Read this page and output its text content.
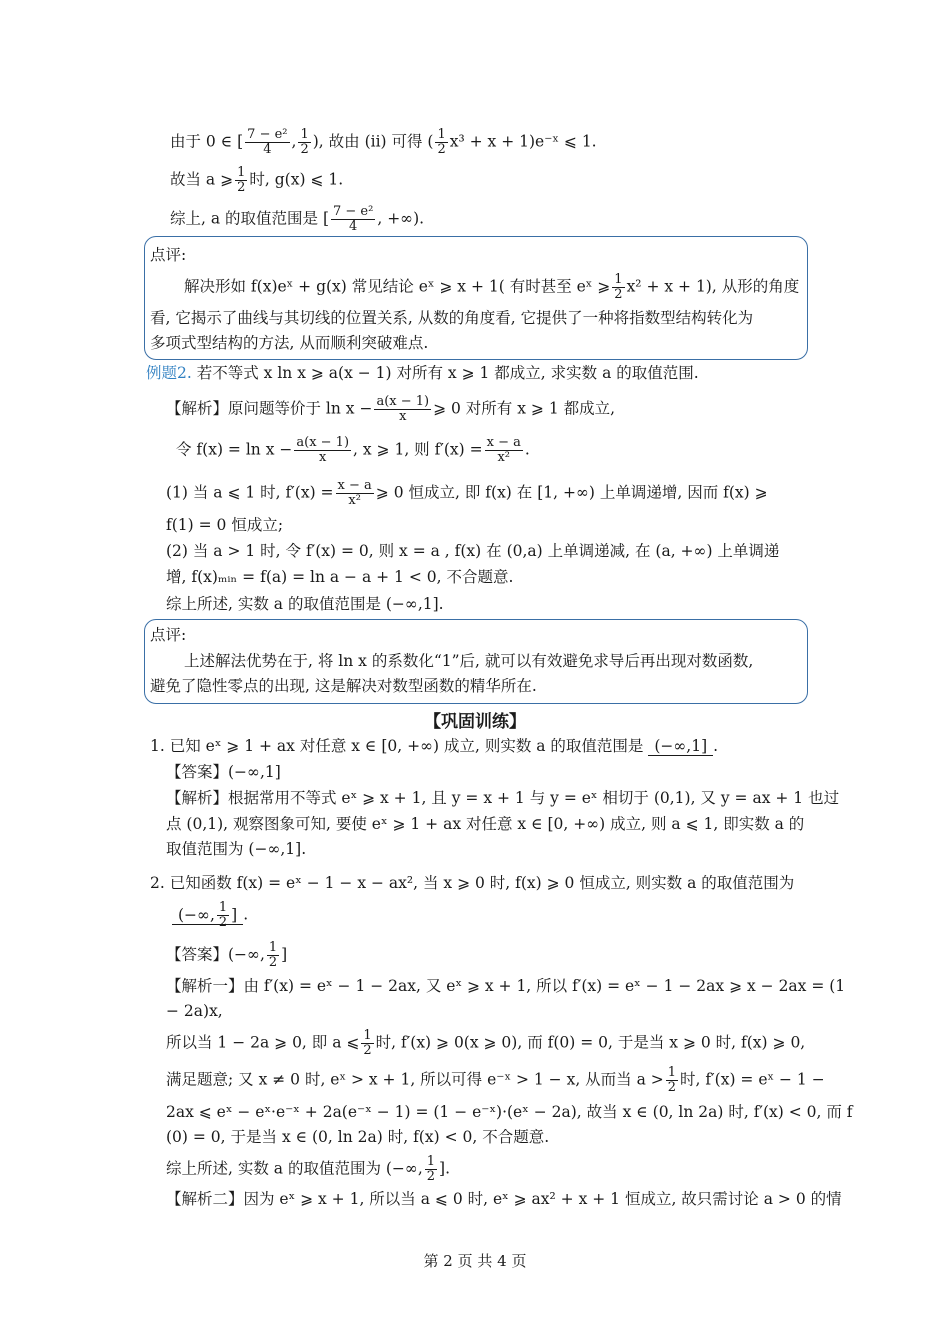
由于 0 ∈ [ $\frac{\text{7 − e²}}{4}$ , $\frac{1}{2}$ ), 故由 (ii) 可得 ( $\frac{1}{2} x^3 + x$ + 1)e⁻ˣ ⩽ 1.
故当 a ⩾ $\frac{1}{2}$ 时, g(x) ⩽ 1.
综上, a 的取值范围是 [ $\frac{\text{7 − e²}}{4}$ , +∞).
点评:
解决形如 f(x)eˣ + g(x) 常见结论 eˣ ⩾ x + 1( 有时甚至 eˣ ⩾ $\frac{1}{2} x^2 + x + 1$), 从形的角度
看, 它揭示了曲线与其切线的位置关系, 从数的角度看, 它提供了一种将指数型结构转化为
多项式型结构的方法, 从而顺利突破难点.
例题2. 若不等式 x ln x ⩾ a(x − 1) 对所有 x ⩾ 1 都成立, 求实数 a 的取值范围.
【解析】原问题等价于 $\ln x - \frac{a(x - 1)}{x}$ ⩾ 0 对所有 x ⩾ 1 都成立,
令 $f(x) = \ln x - \frac{a(x - 1)}{x}$ , x ⩾ 1, 则 $f'(x) = \frac{x - a}{\text{x²}}$ .
(1) 当 a ⩽ 1 时, $f'(x) = \frac{x - a}{\text{x²}}$ ⩾ 0 恒成立, 即 f(x) 在 [1, +∞) 上单调递增, 因而 f(x) ⩾
f(1) = 0 恒成立;
(2) 当 a > 1 时, 令 f′(x) = 0, 则 x = a , f(x) 在 (0,a) 上单调递减, 在 (a, +∞) 上单调递
增, f(x)ₘᵢₙ = f(a) = ln a − a + 1 < 0, 不合题意.
综上所述, 实数 a 的取值范围是 (−∞,1].
点评:
上述解法优势在于, 将 ln x 的系数化“1”后, 就可以有效避免求导后再出现对数函数,
避免了隐性零点的出现, 这是解决对数型函数的精华所在.
【巩固训练】
1. 已知 eˣ ⩾ 1 + ax 对任意 x ∈ [0, +∞) 成立, 则实数 a 的取值范围是 (−∞,1] .
【答案】(−∞,1]
【解析】根据常用不等式 eˣ ⩾ x + 1, 且 y = x + 1 与 y = eˣ 相切于 (0,1), 又 y = ax + 1 也过
点 (0,1), 观察图象可知, 要使 eˣ ⩾ 1 + ax 对任意 x ∈ [0, +∞) 成立, 则 a ⩽ 1, 即实数 a 的
取值范围为 (−∞,1].
2. 已知函数 f(x) = eˣ − 1 − x − ax², 当 x ⩾ 0 时, f(x) ⩾ 0 恒成立, 则实数 a 的取值范围为
(−∞, $\frac{1}{2}$ ] .
【答案】(−∞, $\frac{1}{2}$ ]
【解析一】由 f′(x) = eˣ − 1 − 2ax, 又 eˣ ⩾ x + 1, 所以 f′(x) = eˣ − 1 − 2ax ⩾ x − 2ax = (1
− 2a)x,
所以当 1 − 2a ⩾ 0, 即 a ⩽ $\frac{1}{2}$ 时, f′(x) ⩾ 0(x ⩾ 0), 而 f(0) = 0, 于是当 x ⩾ 0 时, f(x) ⩾ 0,
满足题意; 又 x ≠ 0 时, eˣ > x + 1, 所以可得 e⁻ˣ > 1 − x, 从而当 $a > \frac{1}{2}$ 时, f′(x) = eˣ − 1 −
2ax ⩽ eˣ − eˣ·e⁻ˣ + 2a(e⁻ˣ − 1) = (1 − e⁻ˣ)·(eˣ − 2a), 故当 x ∈ (0, ln 2a) 时, f′(x) < 0, 而 f
(0) = 0, 于是当 x ∈ (0, ln 2a) 时, f(x) < 0, 不合题意.
综上所述, 实数 a 的取值范围为 (−∞, $\frac{1}{2}$ ].
【解析二】因为 eˣ ⩾ x + 1, 所以当 a ⩽ 0 时, eˣ ⩾ ax² + x + 1 恒成立, 故只需讨论 a > 0 的情
第 2 页 共 4 页
